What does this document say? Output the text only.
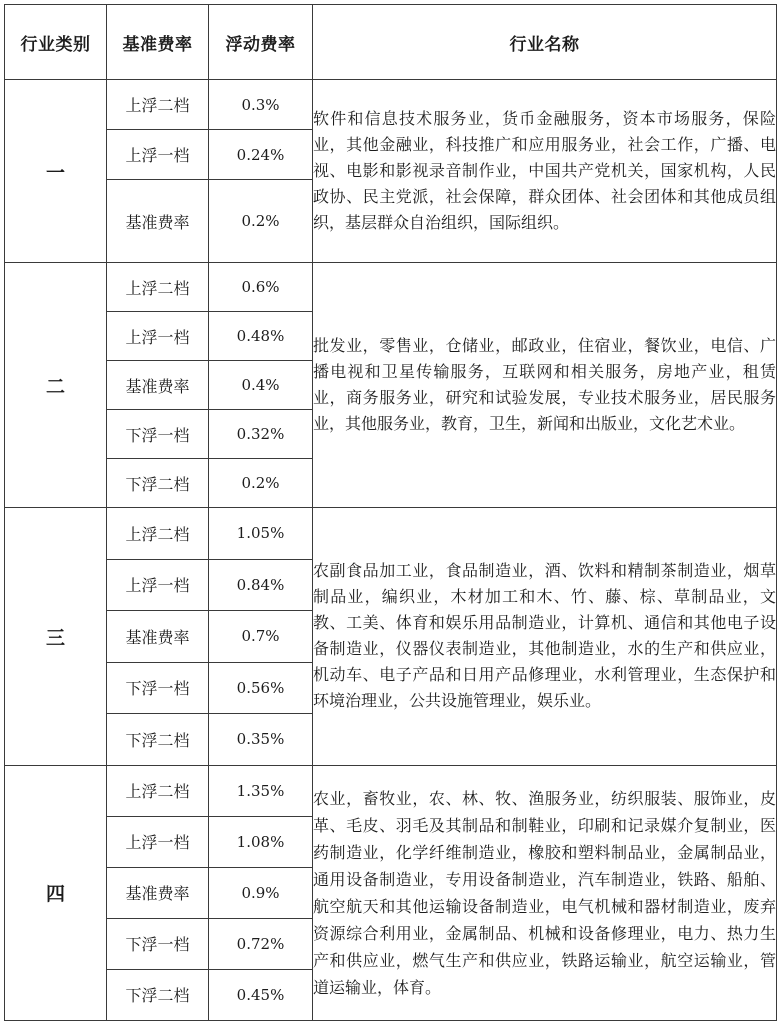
行业类别	基准费率	浮动费率	行业名称
一	上浮二档	0.3%	软件和信息技术服务业，货币金融服务，资本市场服务，保险业，其他金融业，科技推广和应用服务业，社会工作，广播、电视、电影和影视录音制作业，中国共产党机关，国家机构，人民政协、民主党派，社会保障，群众团体、社会团体和其他成员组织，基层群众自治组织，国际组织。
	上浮一档	0.24%	
	基准费率	0.2%	
二	上浮二档	0.6%	批发业，零售业，仓储业，邮政业，住宿业，餐饮业，电信、广播电视和卫星传输服务，互联网和相关服务，房地产业，租赁业，商务服务业，研究和试验发展，专业技术服务业，居民服务业，其他服务业，教育，卫生，新闻和出版业，文化艺术业。
	上浮一档	0.48%	
	基准费率	0.4%	
	下浮一档	0.32%	
	下浮二档	0.2%	
三	上浮二档	1.05%	农副食品加工业，食品制造业，酒、饮料和精制茶制造业，烟草制品业，编织业，木材加工和木、竹、藤、棕、草制品业，文教、工美、体育和娱乐用品制造业，计算机、通信和其他电子设备制造业，仪器仪表制造业，其他制造业，水的生产和供应业，机动车、电子产品和日用产品修理业，水利管理业，生态保护和环境治理业，公共设施管理业，娱乐业。
	上浮一档	0.84%	
	基准费率	0.7%	
	下浮一档	0.56%	
	下浮二档	0.35%	
四	上浮二档	1.35%	农业，畜牧业，农、林、牧、渔服务业，纺织服装、服饰业，皮革、毛皮、羽毛及其制品和制鞋业，印刷和记录媒介复制业，医药制造业，化学纤维制造业，橡胶和塑料制品业，金属制品业，通用设备制造业，专用设备制造业，汽车制造业，铁路、船舶、航空航天和其他运输设备制造业，电气机械和器材制造业，废弃资源综合利用业，金属制品、机械和设备修理业，电力、热力生产和供应业，燃气生产和供应业，铁路运输业，航空运输业，管道运输业，体育。
	上浮一档	1.08%	
	基准费率	0.9%	
	下浮一档	0.72%	
	下浮二档	0.45%	
